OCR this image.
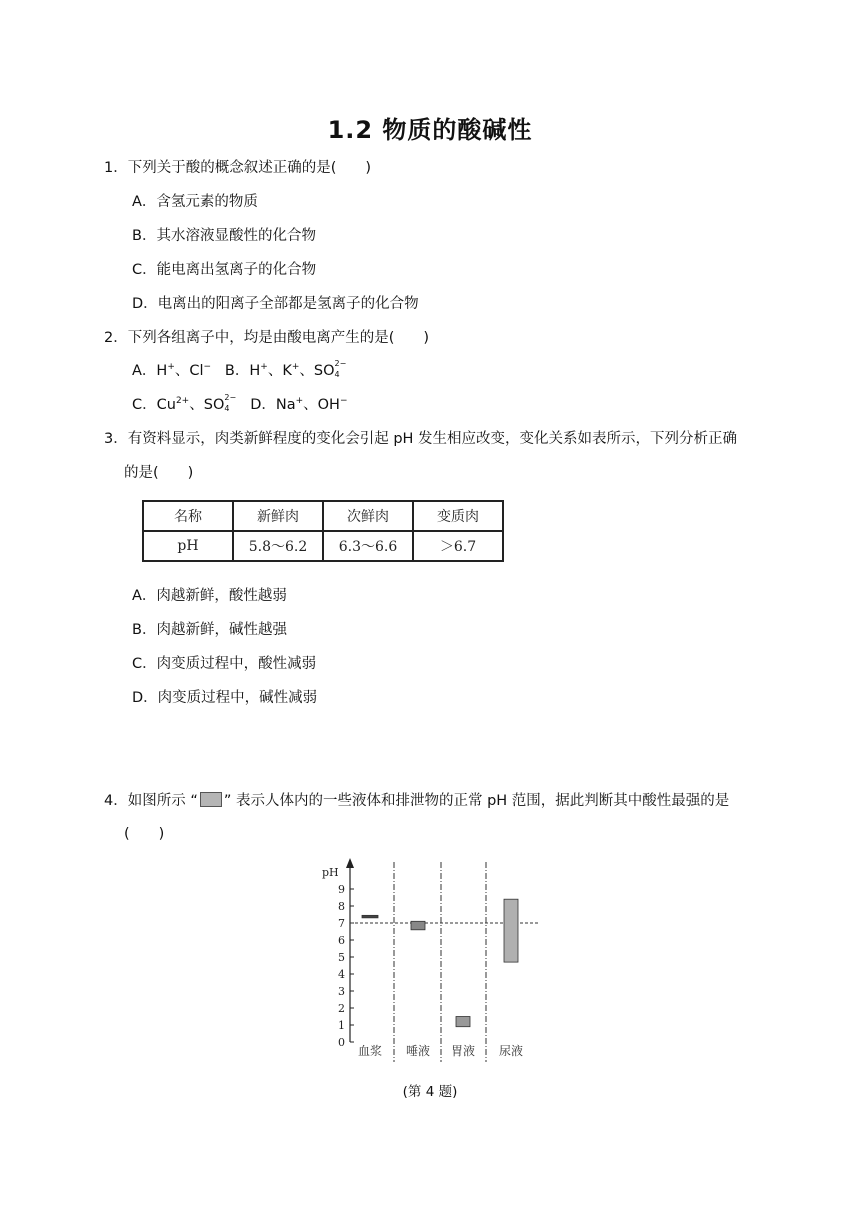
1.2 物质的酸碱性
1．下列关于酸的概念叙述正确的是(　　)
A．含氢元素的物质
B．其水溶液显酸性的化合物
C．能电离出氢离子的化合物
D．电离出的阳离子全部都是氢离子的化合物
2．下列各组离子中，均是由酸电离产生的是(　　)
A．H+、Cl− B．H+、K+、SO 2−
4
C．$Cu^{2+}$、SO 2−
4 D．Na+、OH−
3．有资料显示，肉类新鲜程度的变化会引起 pH 发生相应改变，变化关系如表所示，下列分析正确
的是(　　)
名称	新鲜肉	次鲜肉	变质肉
pH	5.8～6.2	6.3～6.6	＞6.7
A．肉越新鲜，酸性越弱
B．肉越新鲜，碱性越强
C．肉变质过程中，酸性减弱
D．肉变质过程中，碱性减弱
4．如图所示 “ ” 表示人体内的一些液体和排泄物的正常 pH 范围，据此判断其中酸性最强的是
(　　)
pH
0
1
2
3
4
5
6
7
8
9
血浆 唾液 胃液 尿液
(第 4 题)
